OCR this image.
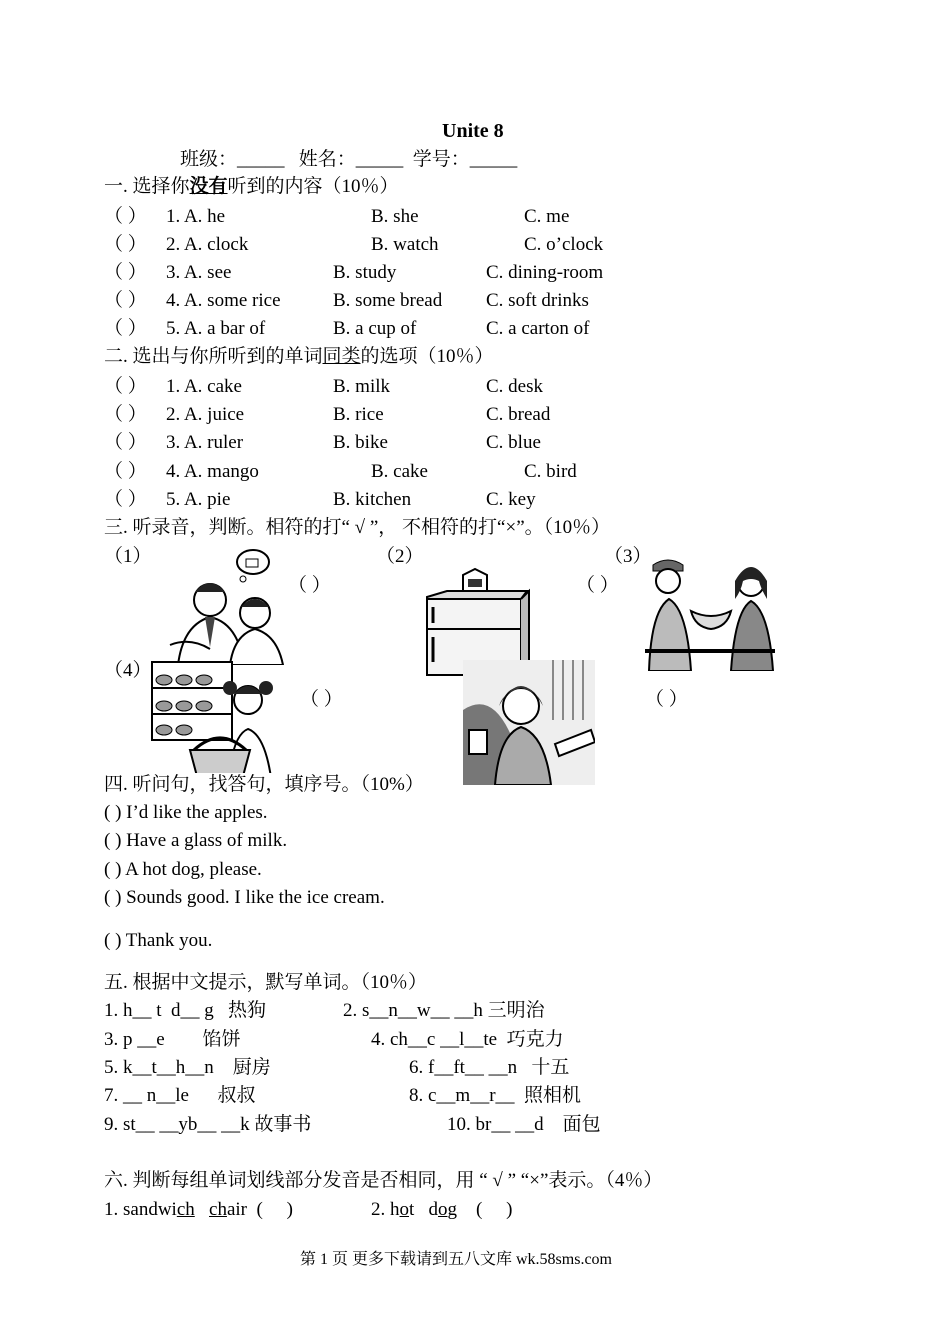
Unite 8
班级：_____ 姓名：_____ 学号：_____
一. 选择你没有听到的内容（10％）
（ ） 1. A. he	B. she	C. me
（ ） 2. A. clock	B. watch	C. o’clock
（ ） 3. A. see	B. study	C. dining-room
（ ） 4. A. some rice	B. some bread C. soft drinks
（ ） 5. A. a bar of	B. a cup of	C. a carton of
二. 选出与你所听到的单词同类的选项（10％）
（ ） 1. A. cake	B. milk	C. desk
（ ） 2. A. juice	B. rice	C. bread
（ ） 3. A. ruler	B. bike	C. blue
（ ） 4. A. mango	B. cake	C. bird
（ ） 5. A. pie	B. kitchen	C. key
三. 听录音，判断。相符的打“ √ ”， 不相符的打“×”。（10％）
（1）	（2）	（3）
（4）
（ ）	（ ）
（ ）	（ ）
四. 听问句，找答句，填序号。（10%）
( ) I’d like the apples.
( ) Have a glass of milk.
( ) A hot dog, please.
( ) Sounds good. I like the ice cream.
( ) Thank you.
五. 根据中文提示，默写单词。（10％）
1. h__ t  d__ g   热狗	2. s__n__w__ __h 三明治
3. p __e        馅饼	4. ch__c __l__te  巧克力
5. k__t__h__n    厨房	6. f__ft__ __n   十五
7. __ n__le      叔叔	8. c__m__r__  照相机
9. st__ __yb__ __k 故事书	10. br__ __d    面包
六. 判断每组单词划线部分发音是否相同，用 “ √ ” “×”表示。（4％）
1. sandwich chair (     )	2. hot dog (     )
第 1 页 更多下载请到五八文库 wk.58sms.com
